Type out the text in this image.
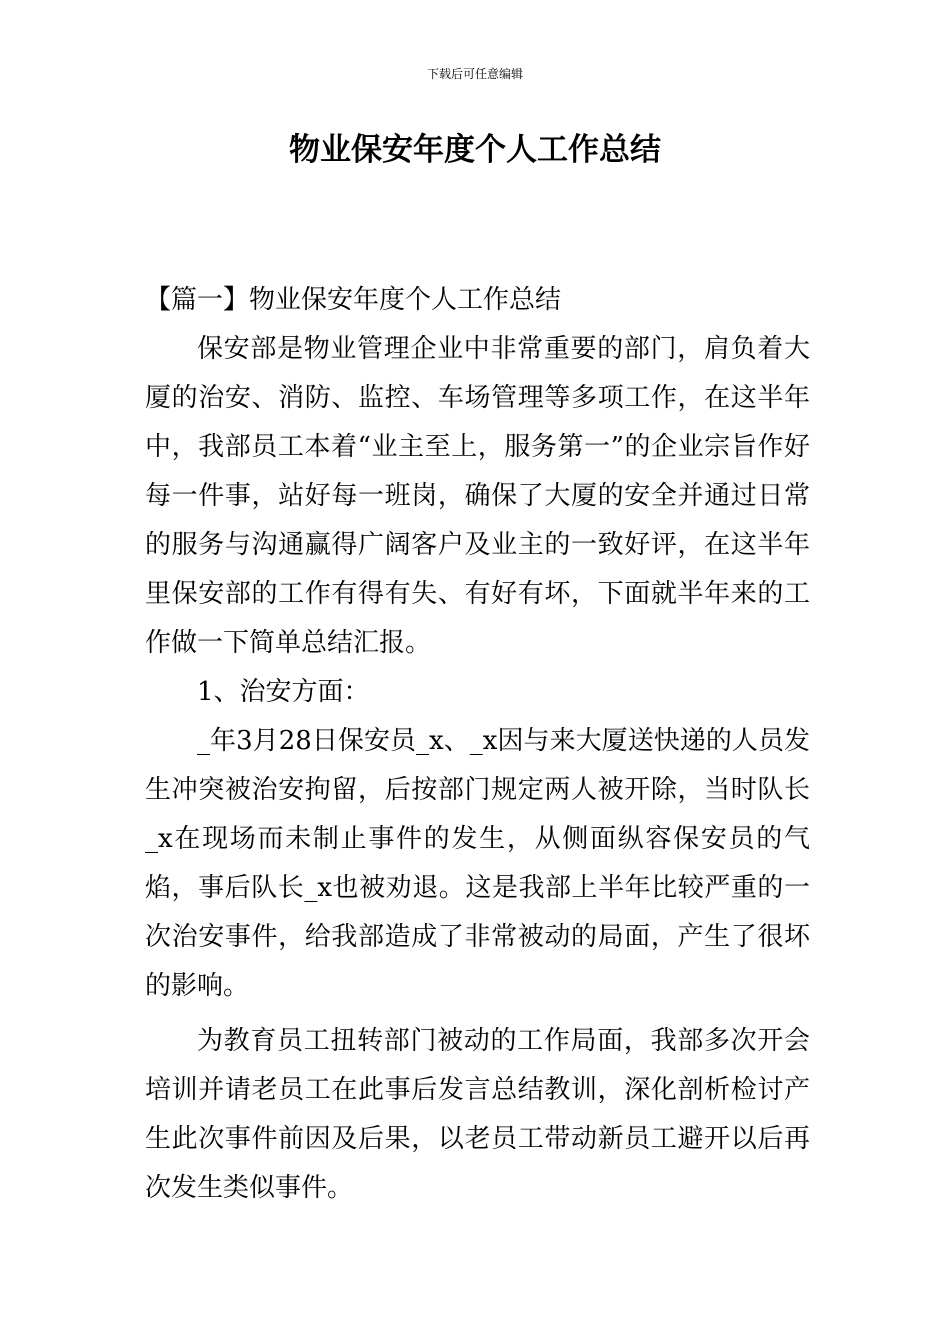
下载后可任意编辑
物业保安年度个人工作总结

【篇一】物业保安年度个人工作总结

保安部是物业管理企业中非常重要的部门，肩负着大厦的治安、消防、监控、车场管理等多项工作，在这半年中，我部员工本着“业主至上，服务第一”的企业宗旨作好每一件事，站好每一班岗，确保了大厦的安全并通过日常的服务与沟通赢得广阔客户及业主的一致好评，在这半年里保安部的工作有得有失、有好有坏，下面就半年来的工作做一下简单总结汇报。

1、治安方面：

_年3月28日保安员_x、_x因与来大厦送快递的人员发生冲突被治安拘留，后按部门规定两人被开除，当时队长_x在现场而未制止事件的发生，从侧面纵容保安员的气焰，事后队长_x也被劝退。这是我部上半年比较严重的一次治安事件，给我部造成了非常被动的局面，产生了很坏的影响。

为教育员工扭转部门被动的工作局面，我部多次开会培训并请老员工在此事后发言总结教训，深化剖析检讨产生此次事件前因及后果，以老员工带动新员工避开以后再次发生类似事件。
